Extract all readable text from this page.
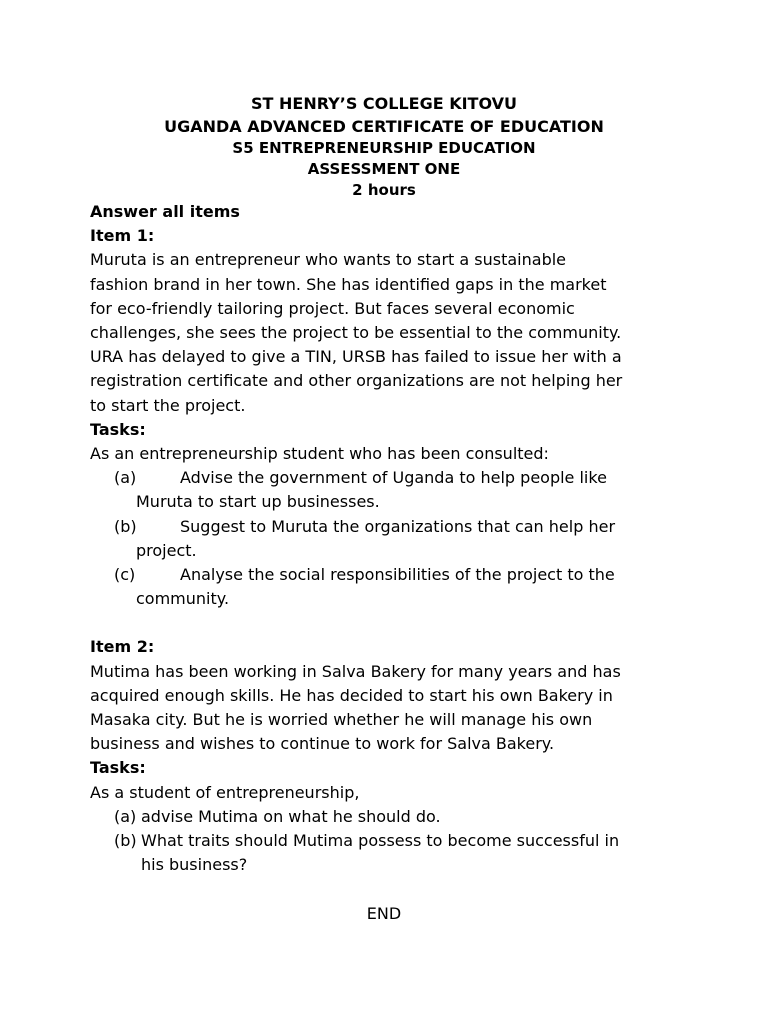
ST HENRY’S COLLEGE KITOVU
UGANDA ADVANCED CERTIFICATE OF EDUCATION
S5 ENTREPRENEURSHIP EDUCATION
ASSESSMENT ONE
2 hours

Answer all items

Item 1:

Muruta is an entrepreneur who wants to start a sustainable

fashion brand in her town. She has identified gaps in the market

for eco-friendly tailoring project. But faces several economic

challenges, she sees the project to be essential to the community.

URA has delayed to give a TIN, URSB has failed to issue her with a

registration certificate and other organizations are not helping her

to start the project.

Tasks:

As an entrepreneurship student who has been consulted:

(a)	Advise the government of Uganda to help people like
Muruta to start up businesses.
(b)	Suggest to Muruta the organizations that can help her
project.
(c)	Analyse the social responsibilities of the project to the
community.

Item 2:

Mutima has been working in Salva Bakery for many years and has

acquired enough skills. He has decided to start his own Bakery in

Masaka city. But he is worried whether he will manage his own

business and wishes to continue to work for Salva Bakery.

Tasks:

As a student of entrepreneurship,

(a) advise Mutima on what he should do.
(b) What traits should Mutima possess to become successful in
his business?
END
